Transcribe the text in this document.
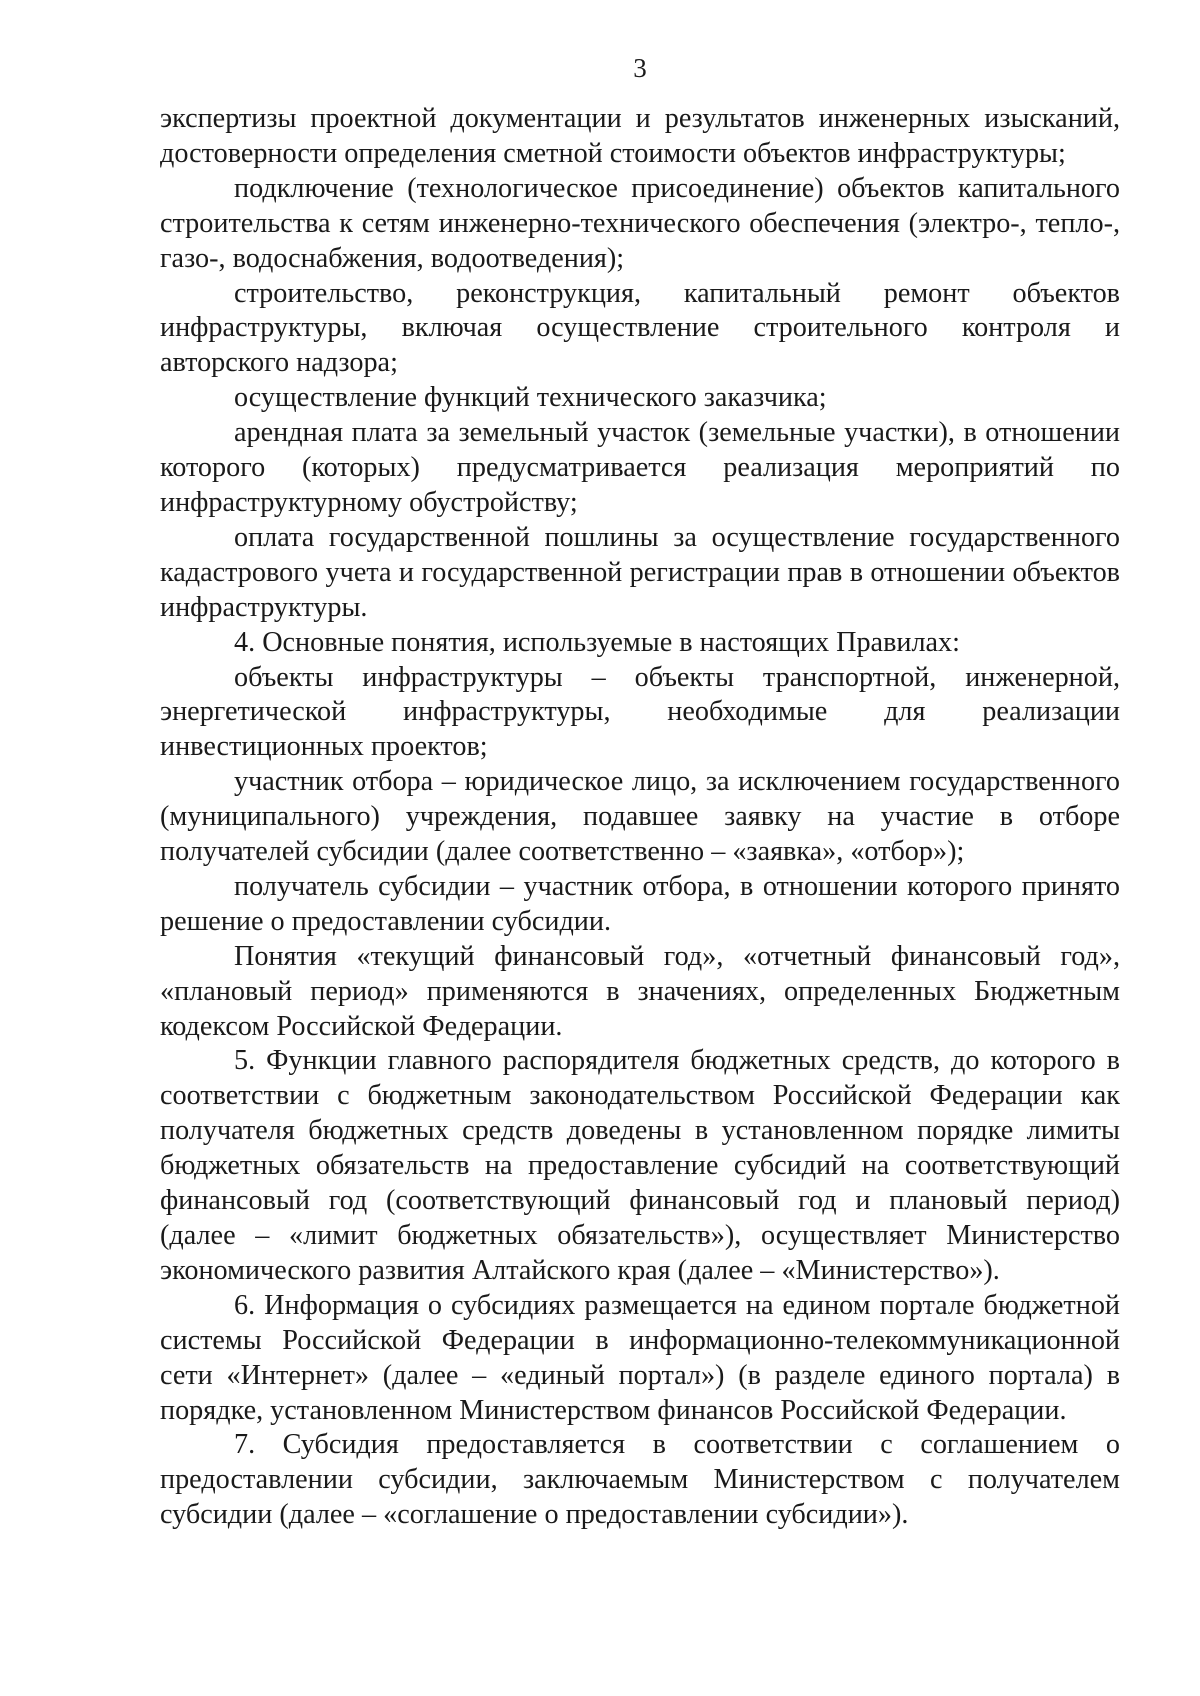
3

экспертизы проектной документации и результатов инженерных изысканий, достоверности определения сметной стоимости объектов инфраструктуры;

подключение (технологическое присоединение) объектов капитального строительства к сетям инженерно-технического обеспечения (электро-, тепло-, газо-, водоснабжения, водоотведения);

строительство, реконструкция, капитальный ремонт объектов инфраструктуры, включая осуществление строительного контроля и авторского надзора;

осуществление функций технического заказчика;

арендная плата за земельный участок (земельные участки), в отношении которого (которых) предусматривается реализация мероприятий по инфраструктурному обустройству;

оплата государственной пошлины за осуществление государственного кадастрового учета и государственной регистрации прав в отношении объектов инфраструктуры.

4. Основные понятия, используемые в настоящих Правилах:

объекты инфраструктуры – объекты транспортной, инженерной, энергетической инфраструктуры, необходимые для реализации инвестиционных проектов;

участник отбора – юридическое лицо, за исключением государственного (муниципального) учреждения, подавшее заявку на участие в отборе получателей субсидии (далее соответственно – «заявка», «отбор»);

получатель субсидии – участник отбора, в отношении которого принято решение о предоставлении субсидии.

Понятия «текущий финансовый год», «отчетный финансовый год», «плановый период» применяются в значениях, определенных Бюджетным кодексом Российской Федерации.

5. Функции главного распорядителя бюджетных средств, до которого в соответствии с бюджетным законодательством Российской Федерации как получателя бюджетных средств доведены в установленном порядке лимиты бюджетных обязательств на предоставление субсидий на соответствующий финансовый год (соответствующий финансовый год и плановый период) (далее – «лимит бюджетных обязательств»), осуществляет Министерство экономического развития Алтайского края (далее – «Министерство»).

6. Информация о субсидиях размещается на едином портале бюджетной системы Российской Федерации в информационно-телекоммуникационной сети «Интернет» (далее – «единый портал») (в разделе единого портала) в порядке, установленном Министерством финансов Российской Федерации.

7. Субсидия предоставляется в соответствии с соглашением о предоставлении субсидии, заключаемым Министерством с получателем субсидии (далее – «соглашение о предоставлении субсидии»).
